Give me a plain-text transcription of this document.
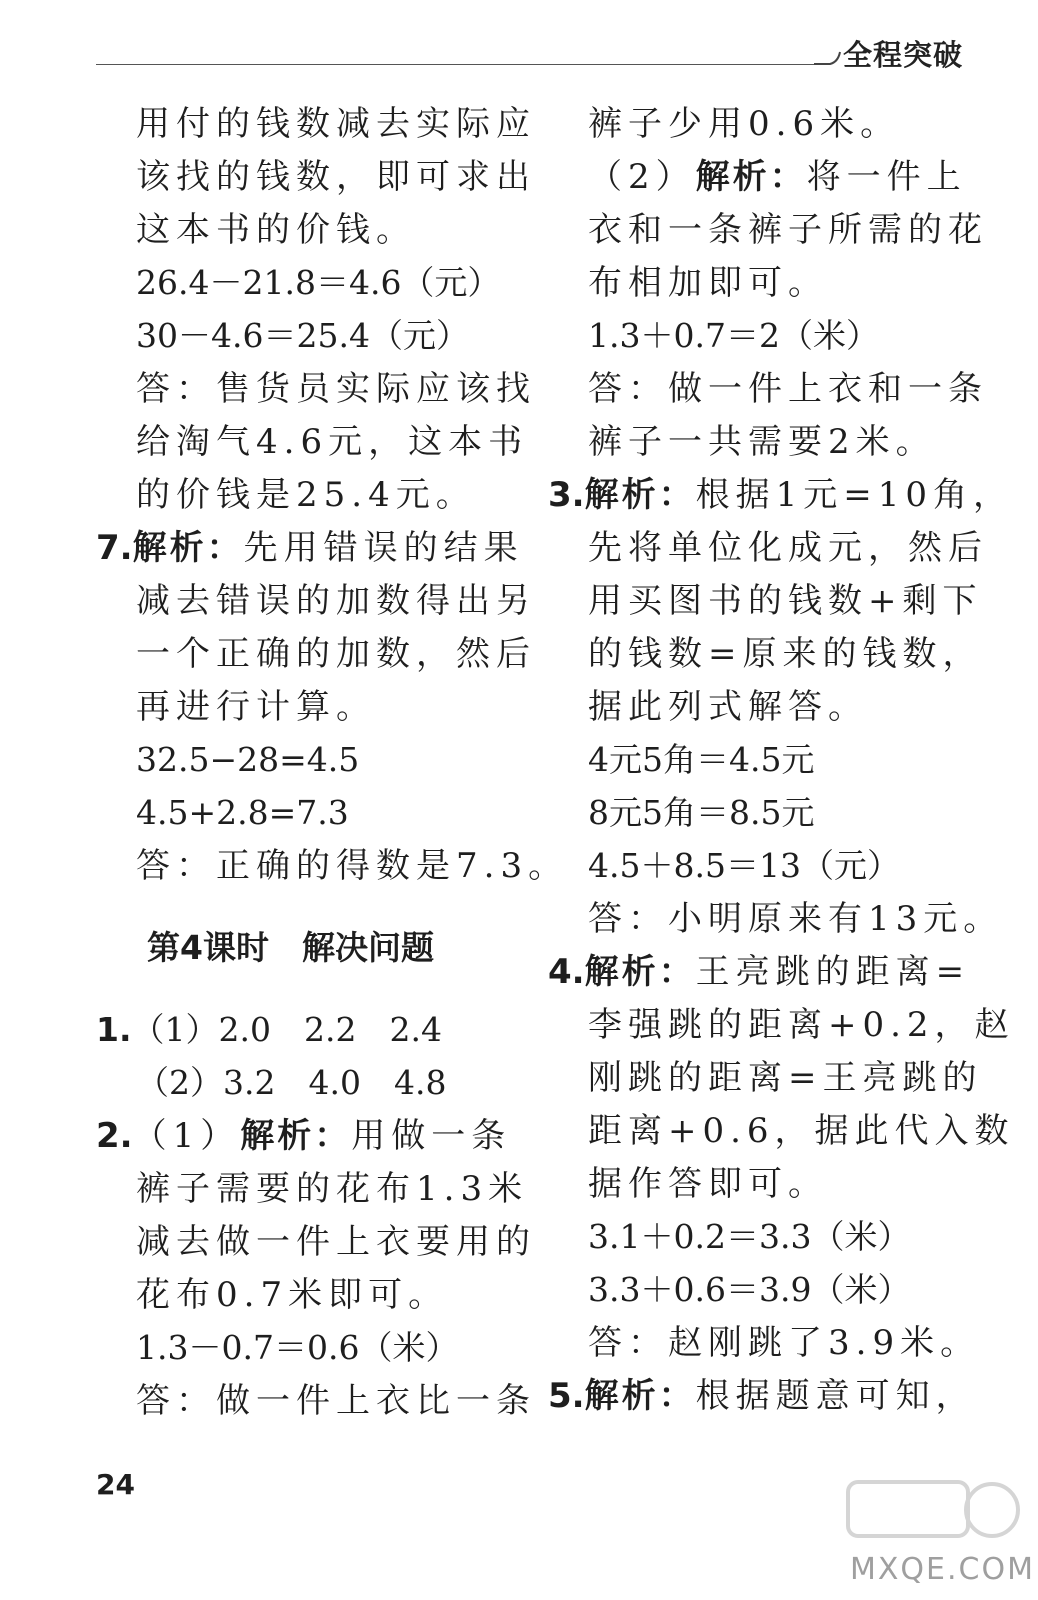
全程突破
用付的钱数减去实际应
该找的钱数，即可求出
这本书的价钱。
26.4－21.8＝4.6（元）
30－4.6＝25.4（元）
答：售货员实际应该找
给淘气4.6元，这本书
的价钱是25.4元。
7.解析：先用错误的结果
减去错误的加数得出另
一个正确的加数，然后
再进行计算。
32.5−28=4.5
4.5+2.8=7.3
答：正确的得数是7.3。
第4课时　解决问题
1.（1）2.0　2.2　2.4
（2）3.2　4.0　4.8
2.（1）解析：用做一条
裤子需要的花布1.3米
减去做一件上衣要用的
花布0.7米即可。
1.3－0.7＝0.6（米）
答：做一件上衣比一条
裤子少用0.6米。
（2）解析：将一件上
衣和一条裤子所需的花
布相加即可。
1.3＋0.7＝2（米）
答：做一件上衣和一条
裤子一共需要2米。
3.解析：根据1元=10角，
先将单位化成元，然后
用买图书的钱数+剩下
的钱数=原来的钱数，
据此列式解答。
4元5角＝4.5元
8元5角＝8.5元
4.5＋8.5＝13（元）
答：小明原来有13元。
4.解析：王亮跳的距离=
李强跳的距离+0.2，赵
刚跳的距离=王亮跳的
距离+0.6，据此代入数
据作答即可。
3.1＋0.2＝3.3（米）
3.3＋0.6＝3.9（米）
答：赵刚跳了3.9米。
5.解析：根据题意可知，
24
MXQE.COM
